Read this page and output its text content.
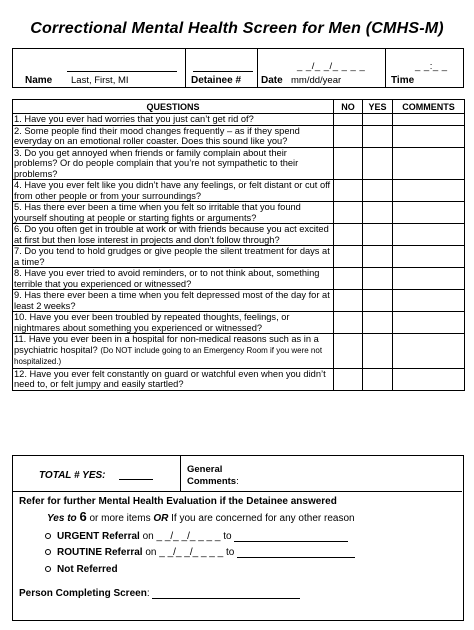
Correctional Mental Health Screen for Men (CMHS-M)
Name Last, First, MI	Detainee # Date
_ _/_ _/_ _ _ _
mm/dd/year
_ _:_ _
Time
QUESTIONS	NO	YES	COMMENTS
1. Have you ever had worries that you just can’t get rid of?			
2. Some people find their mood changes frequently – as if they spend everyday on an emotional roller coaster. Does this sound like you?			
3. Do you get annoyed when friends or family complain about their problems? Or do people complain that you’re not sympathetic to their problems?			
4. Have you ever felt like you didn’t have any feelings, or felt distant or cut off from other people or from your surroundings?			
5. Has there ever been a time when you felt so irritable that you found yourself shouting at people or starting fights or arguments?			
6. Do you often get in trouble at work or with friends because you act excited at first but then lose interest in projects and don’t follow through?			
7. Do you tend to hold grudges or give people the silent treatment for days at a time?			
8. Have you ever tried to avoid reminders, or to not think about, something terrible that you experienced or witnessed?			
9. Has there ever been a time when you felt depressed most of the day for at least 2 weeks?			
10. Have you ever been troubled by repeated thoughts, feelings, or nightmares about something you experienced or witnessed?			
11. Have you ever been in a hospital for non-medical reasons such as in a psychiatric hospital? (Do NOT include going to an Emergency Room if you were not hospitalized.)			
12. Have you ever felt constantly on guard or watchful even when you didn’t need to, or felt jumpy and easily startled?			
TOTAL # YES:
General
Comments:
Refer for further Mental Health Evaluation if the Detainee answered
Yes to 6 or more items OR If you are concerned for any other reason
URGENT Referral on _ _/_ _/_ _ _ _ to
ROUTINE Referral on _ _/_ _/_ _ _ _ to
Not Referred
Person Completing Screen:
